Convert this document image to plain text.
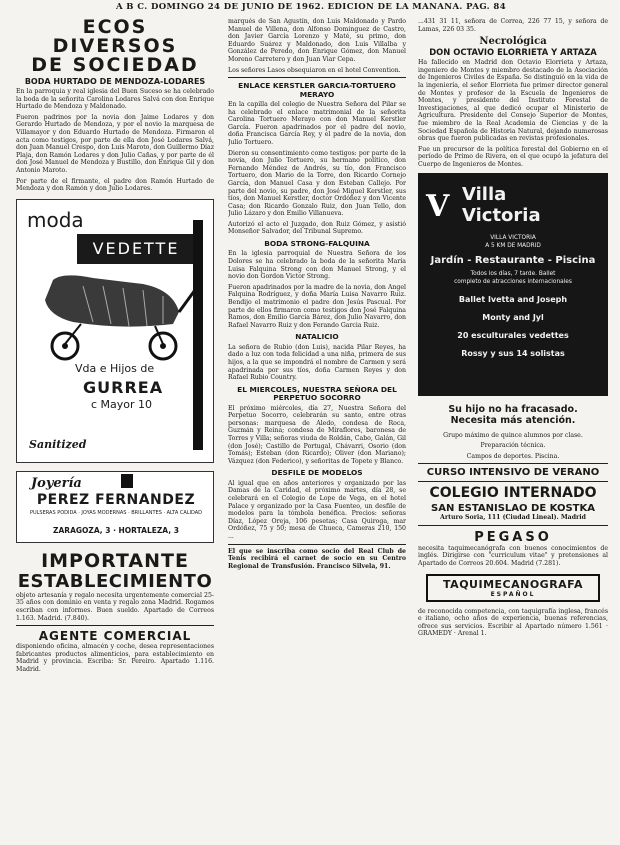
A B C. DOMINGO 24 DE JUNIO DE 1962. EDICION DE LA MAÑANA. PAG. 84

ECOS DIVERSOS

DE SOCIEDAD

BODA HURTADO DE MENDOZA-LODARES

En la parroquia y real iglesia del Buen Suceso se ha celebrado la boda de la señorita Carolina Lodares Salvá con don Enrique Hurtado de Mendoza y Maldonado.

Fueron padrinos por la novia don Jaime Lodares y don Gerardo Hurtado de Mendoza, y por el novio la marquesa de Villamayor y don Eduardo Hurtado de Mendoza. Firmaron el acta como testigos, por parte de ella don José Lodares Salvá, don Juan Manuel Crespo, don Luis Maroto, don Guillermo Díaz Plaja, don Ramón Lodares y don Julio Cañas, y por parte de él don José Manuel de Mendoza y Bustillo, don Enrique Gil y don Antonio Maroto.

Por parte de el firmante, el padre don Ramón Hurtado de Mendoza y don Ramón y don Julio Lodares.

moda
VEDETTE
Vda e Hijos de
GURREA
c Mayor 10
Sanitized
Joyería
PEREZ FERNANDEZ
PULSERAS PODIDA · JOYAS MODERNAS · BRILLANTES · ALTA CALIDAD
ZARAGOZA, 3 · HORTALEZA, 3

IMPORTANTE

ESTABLECIMIENTO

objeto artesanía y regalo necesita urgentemente comercial 25-35 años con dominio en venta y regalo zona Madrid. Rogamos escriban con informes. Buen sueldo. Apartado de Correos 1.163. Madrid. (7.840).

AGENTE COMERCIAL

disponiendo oficina, almacén y coche, desea representaciones fabricantes productos alimenticios, para establecimiento en Madrid y provincia. Escriba: Sr. Pereiro. Apartado 1.116. Madrid.

marqués de San Agustín, don Luis Maldonado y Pardo Manuel de Villena, don Alfonso Dominguez de Castro, don Javier García Lorenzo y Maté, su primo, don Eduardo Suárez y Maldonado, don Luis Villalba y González de Peredo, don Enrique Gómez, don Manuel Moreno Carretero y don Juan Viar Cepa.

Los señores Lasos obsequiaron en el hotel Convention.

ENLACE KERSTLER GARCIA-TORTUERO MERAYO

En la capilla del colegio de Nuestra Señora del Pilar se ha celebrado el enlace matrimonial de la señorita Carolina Tortuero Merayo con don Manuel Kerstler García. Fueron apadrinados por el padre del novio, doña Francisca García Rey, y el padre de la novia, don Julio Tortuero.

Dieron su consentimiento como testigos: por parte de la novia, don Julio Tortuero, su hermano político, don Fernando Méndez de Andrés, su tío, don Francisco Tortuero, don Mario de la Torre, don Ricardo Cornejo García, don Manuel Casa y don Esteban Callejo. Por parte del novio, su padre, don José Miguel Kerstler, sus tíos, don Manuel Kerstler, doctor Ordóñez y don Vicente Casa; don Ricardo Gonzalo Ruiz, don Juan Tello, don Julio Lázaro y don Emilio Villanueva.

Autorizó el acto el Juzgado, don Ruiz Gómez, y asistió Monseñor Salvador, del Tribunal Supremo.

BODA STRONG-FALQUINA

En la iglesia parroquial de Nuestra Señora de los Dolores se ha celebrado la boda de la señorita María Luisa Falquina Strong con don Manuel Strong, y el novio don Gordon Victor Strong.

Fueron apadrinados por la madre de la novia, don Angel Falquina Rodríguez, y doña María Luisa Navarro Ruiz. Bendijo el matrimonio el padre don Jesús Pascual. Por parte de ellos firmaron como testigos don José Falquina Ramos, don Emilio Garcia Bárez, don Julio Navarro, don Rafael Navarro Ruiz y don Ferando Garcia Ruiz.

NATALICIO

La señora de Rubio (don Luis), nacida Pilar Reyes, ha dado a luz con toda felicidad a una niña, primera de sus hijos, a la que se impondrá el nombre de Carmen y será apadrinada por sus tíos, doña Carmen Reyes y don Rafael Rubio Country.

EL MIERCOLES, NUESTRA SEÑORA DEL PERPETUO SOCORRO

El próximo miércoles, día 27, Nuestra Señora del Perpetuo Socorro, celebrarán su santo, entre otras personas: marquesa de Aledo, condesa de Roca, Guzmán y Reina; condesa de Miraflores, baronesa de Torres y Villa; señoras viuda de Roldán, Cabo, Galán, Gil (don José); Castillo de Portugal, Chávarri, Osorio (don Tomás); Esteban (don Ricardo); Oliver (don Mariano); Vázquez (don Federico), y señoritas de Topete y Blanco.

DESFILE DE MODELOS

Al igual que en años anteriores y organizado por las Damas de la Caridad, el próximo martes, día 28, se celebrará en el Colegio de Lope de Vega, en el hotel Palace y organizado por la Casa Fuenteo, un desfile de modelos para la tómbola benéfica. Precios: señoras Díaz, López Oreja, 106 pesetas; Casa Quiroga, mar Ordóñez, 75 y 50; mesa de Chueca, Cameras 210, 150 ...

El que se inscriba como socio del Real Club de Tenis recibirá el carnet de socio en su Centro Regional de Transfusión. Francisco Silvela, 91.

...431 31 11, señora de Correa, 226 77 15, y señora de Lamas, 226 03 35.

Necrológica

DON OCTAVIO ELORRIETA Y ARTAZA

Ha fallecido en Madrid don Octavio Elorrieta y Artaza, ingeniero de Montes y miembro destacado de la Asociación de Ingenieros Civiles de España. Se distinguió en la vida de la ingeniería, el señor Elorrieta fue primer director general de Montes y profesor de la Escuela de Ingenieros de Montes, y presidente del Instituto Forestal de Investigaciones, al que dedicó ocupar el Ministerio de Agricultura. Presidente del Consejo Superior de Montes, fue miembro de la Real Academia de Ciencias y de la Sociedad Española de Historia Natural, dejando numerosas obras que fueron publicadas en revistas profesionales.

Fue un precursor de la política forestal del Gobierno en el período de Primo de Rivera, en el que ocupó la jefatura del Cuerpo de Ingenieros de Montes.

V Villa
Victoria
VILLA VICTORIA
A 5 KM DE MADRID
Jardín - Restaurante - Piscina
Todos los días, 7 tarde. Ballet
completo de atracciones internacionales
Ballet Ivetta and Joseph
Monty and Jyl
20 esculturales vedettes
Rossy y sus 14 solistas

Su hijo no ha fracasado.

Necesita más atención.

Grupo máximo de quince alumnos por clase.

Preparación técnica.

Campos de deportes. Piscina.

CURSO INTENSIVO DE VERANO

COLEGIO INTERNADO

SAN ESTANISLAO DE KOSTKA

Arturo Soria, 111 (Ciudad Lineal). Madrid

PEGASO

necesita taquimecanógrafa con buenos conocimientos de inglés. Dirigirse con "curriculum vitae" y pretensiones al Apartado de Correos 20.604. Madrid (7.281).

TAQUIMECANOGRAFA
ESPAÑOL

de reconocida competencia, con taquigrafía inglesa, francés e italiano, ocho años de experiencia, buenas referencias, ofrece sus servicios. Escribir al Apartado número 1.561 · GRAMEDY · Arenal 1.
